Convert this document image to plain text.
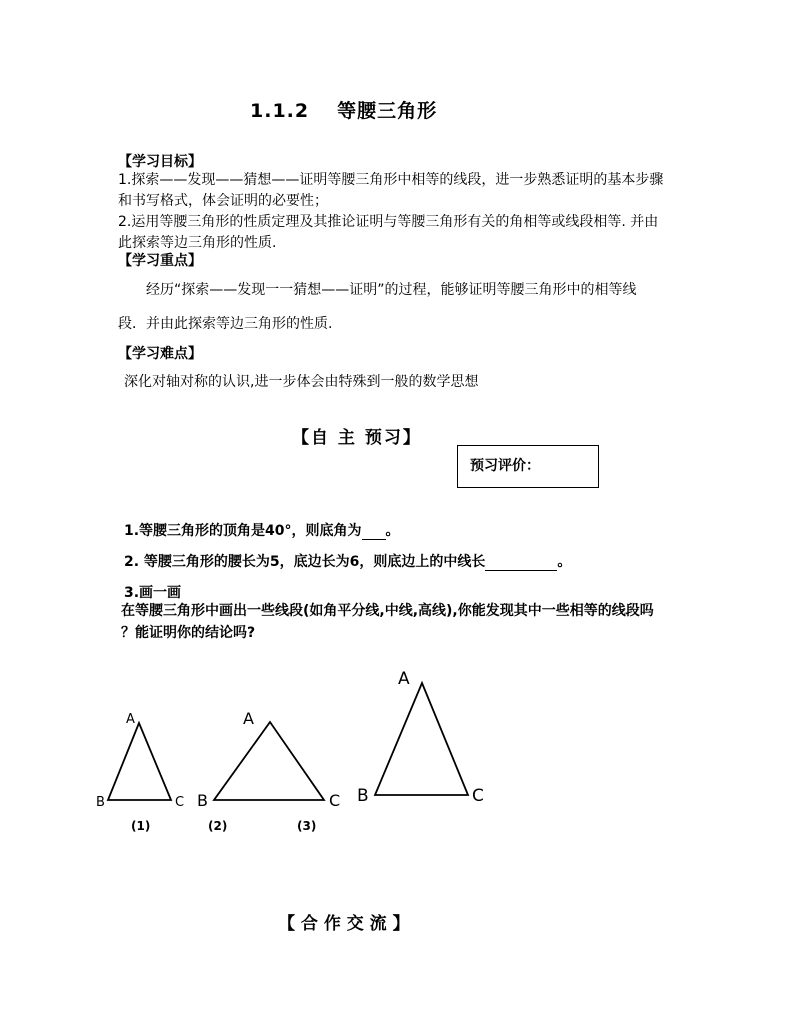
1.1.2 等腰三角形
【学习目标】
1.探索——发现——猜想——证明等腰三角形中相等的线段，进一步熟悉证明的基本步骤
和书写格式，体会证明的必要性；
2.运用等腰三角形的性质定理及其推论证明与等腰三角形有关的角相等或线段相等. 并由
此探索等边三角形的性质.
【学习重点】
经历“探索——发现一一猜想——证明”的过程，能够证明等腰三角形中的相等线
段．并由此探索等边三角形的性质.
【学习难点】
深化对轴对称的认识,进一步体会由特殊到一般的数学思想
【自 主 预习】
预习评价：
1.等腰三角形的顶角是40°，则底角为 。
2. 等腰三角形的腰长为5，底边长为6，则底边上的中线长	。
3.画一画
在等腰三角形中画出一些线段(如角平分线,中线,高线),你能发现其中一些相等的线段吗
？能证明你的结论吗?
A
B	C
(1)
A
B	C
(2)	(3)
A
B	C
【 合 作 交 流 】
